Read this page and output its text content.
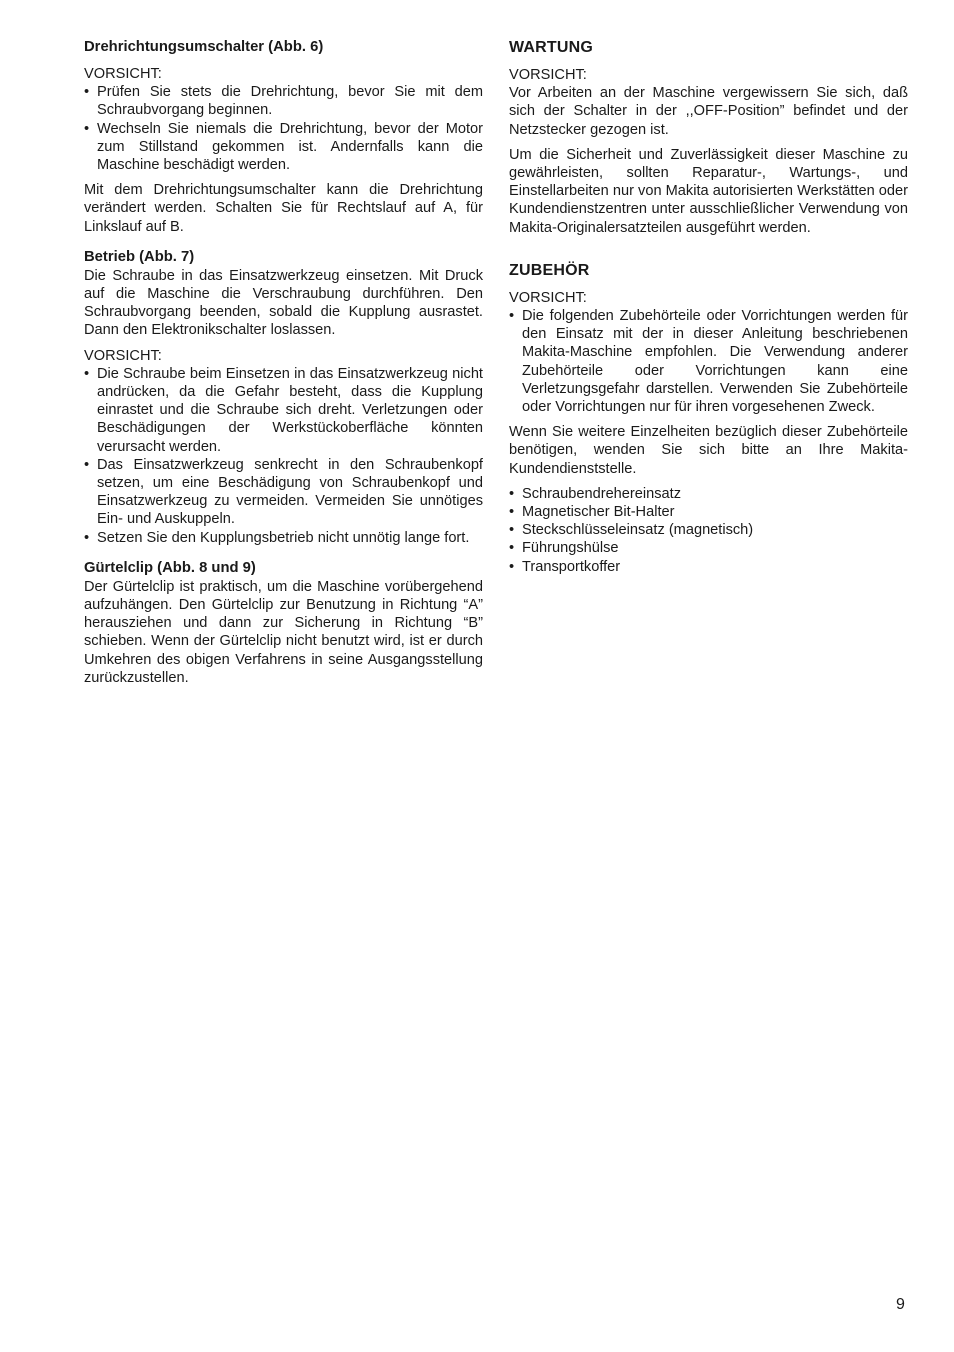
Drehrichtungsumschalter (Abb. 6)

VORSICHT:

• Prüfen Sie stets die Drehrichtung, bevor Sie mit dem Schraubvorgang beginnen.
• Wechseln Sie niemals die Drehrichtung, bevor der Motor zum Stillstand gekommen ist. Andernfalls kann die Maschine beschädigt werden.

Mit dem Drehrichtungsumschalter kann die Drehrichtung verändert werden. Schalten Sie für Rechtslauf auf A, für Linkslauf auf B.

Betrieb (Abb. 7)

Die Schraube in das Einsatzwerkzeug einsetzen. Mit Druck auf die Maschine die Verschraubung durchführen. Den Schraubvorgang beenden, sobald die Kupplung ausrastet. Dann den Elektronikschalter loslassen.

VORSICHT:

• Die Schraube beim Einsetzen in das Einsatzwerkzeug nicht andrücken, da die Gefahr besteht, dass die Kupplung einrastet und die Schraube sich dreht. Verletzungen oder Beschädigungen der Werkstückoberfläche könnten verursacht werden.
• Das Einsatzwerkzeug senkrecht in den Schraubenkopf setzen, um eine Beschädigung von Schraubenkopf und Einsatzwerkzeug zu vermeiden. Vermeiden Sie unnötiges Ein- und Auskuppeln.
• Setzen Sie den Kupplungsbetrieb nicht unnötig lange fort.
Gürtelclip (Abb. 8 und 9)

Der Gürtelclip ist praktisch, um die Maschine vorübergehend aufzuhängen. Den Gürtelclip zur Benutzung in Richtung “A” herausziehen und dann zur Sicherung in Richtung “B” schieben. Wenn der Gürtelclip nicht benutzt wird, ist er durch Umkehren des obigen Verfahrens in seine Ausgangsstellung zurückzustellen.

WARTUNG

VORSICHT:

Vor Arbeiten an der Maschine vergewissern Sie sich, daß sich der Schalter in der ,,OFF-Position” befindet und der Netzstecker gezogen ist.

Um die Sicherheit und Zuverlässigkeit dieser Maschine zu gewährleisten, sollten Reparatur-, Wartungs-, und Einstellarbeiten nur von Makita autorisierten Werkstätten oder Kundendienstzentren unter ausschließlicher Verwendung von Makita-Originalersatzteilen ausgeführt werden.

ZUBEHÖR

VORSICHT:

• Die folgenden Zubehörteile oder Vorrichtungen werden für den Einsatz mit der in dieser Anleitung beschriebenen Makita-Maschine empfohlen. Die Verwendung anderer Zubehörteile oder Vorrichtungen kann eine Verletzungsgefahr darstellen. Verwenden Sie Zubehörteile oder Vorrichtungen nur für ihren vorgesehenen Zweck.

Wenn Sie weitere Einzelheiten bezüglich dieser Zubehörteile benötigen, wenden Sie sich bitte an Ihre Makita-Kundendienststelle.

• Schraubendrehereinsatz
• Magnetischer Bit-Halter
• Steckschlüsseleinsatz (magnetisch)
• Führungshülse
• Transportkoffer
9
